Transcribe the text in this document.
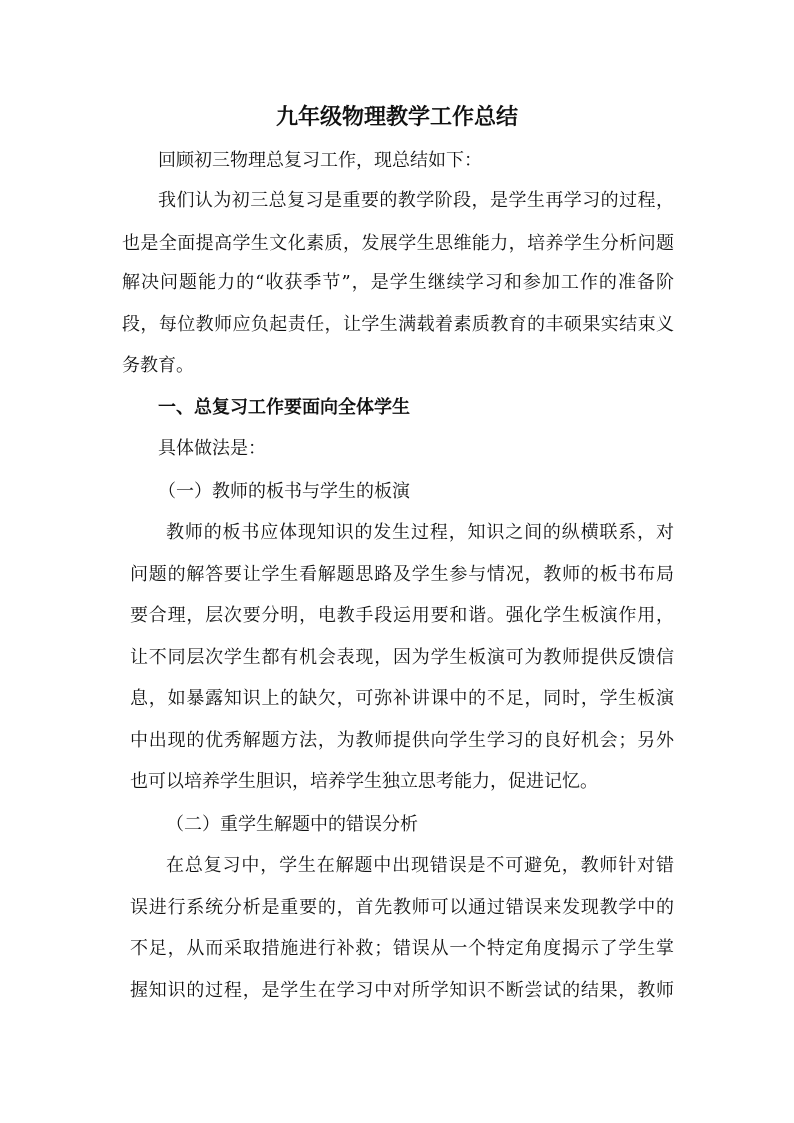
九年级物理教学工作总结
回顾初三物理总复习工作，现总结如下：
我们认为初三总复习是重要的教学阶段，是学生再学习的过程，
也是全面提高学生文化素质，发展学生思维能力，培养学生分析问题
解决问题能力的“收获季节”，是学生继续学习和参加工作的准备阶
段，每位教师应负起责任，让学生满载着素质教育的丰硕果实结束义
务教育。
一、总复习工作要面向全体学生
具体做法是：
（一）教师的板书与学生的板演
教师的板书应体现知识的发生过程，知识之间的纵横联系，对
问题的解答要让学生看解题思路及学生参与情况，教师的板书布局
要合理，层次要分明，电教手段运用要和谐。强化学生板演作用，
让不同层次学生都有机会表现，因为学生板演可为教师提供反馈信
息，如暴露知识上的缺欠，可弥补讲课中的不足，同时，学生板演
中出现的优秀解题方法，为教师提供向学生学习的良好机会；另外
也可以培养学生胆识，培养学生独立思考能力，促进记忆。
（二）重学生解题中的错误分析
在总复习中，学生在解题中出现错误是不可避免，教师针对错
误进行系统分析是重要的，首先教师可以通过错误来发现教学中的
不足，从而采取措施进行补救；错误从一个特定角度揭示了学生掌
握知识的过程，是学生在学习中对所学知识不断尝试的结果，教师
